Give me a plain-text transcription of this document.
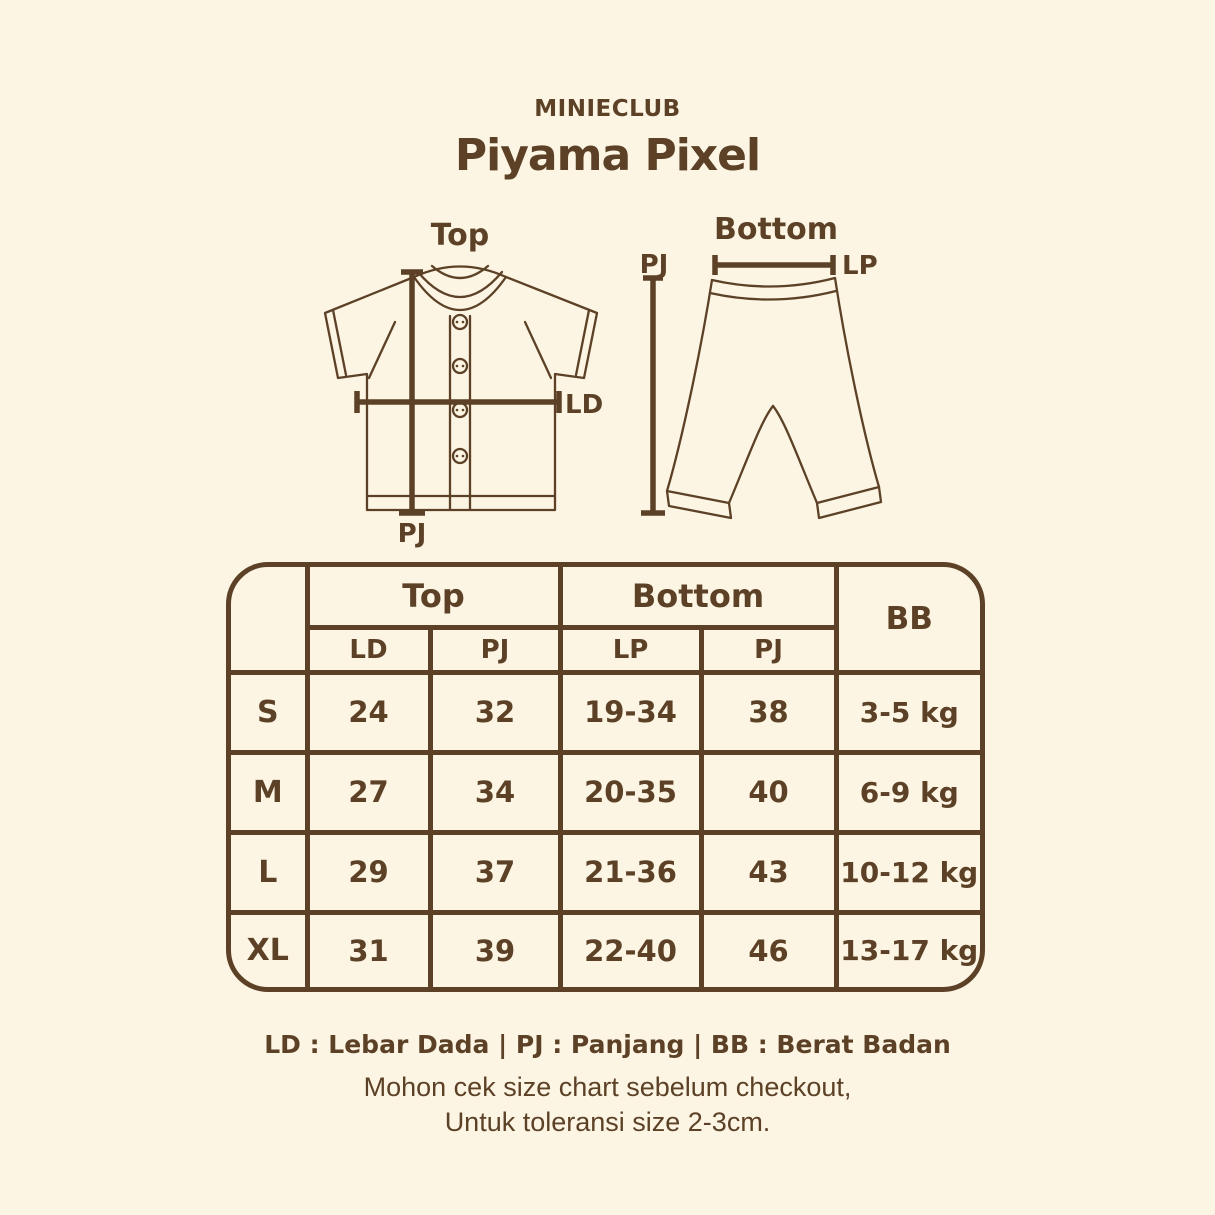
MINIECLUB
Piyama Pixel
Top	Bottom
LD
PJ
PJ	LP
	Top		Bottom		BB
	LD	PJ	LP	PJ	
S	24	32	19-34	38	3-5 kg
M	27	34	20-35	40	6-9 kg
L	29	37	21-36	43	10-12 kg
XL	31	39	22-40	46	13-17 kg
LD : Lebar Dada | PJ : Panjang | BB : Berat Badan
Mohon cek size chart sebelum checkout,
Untuk toleransi size 2-3cm.
